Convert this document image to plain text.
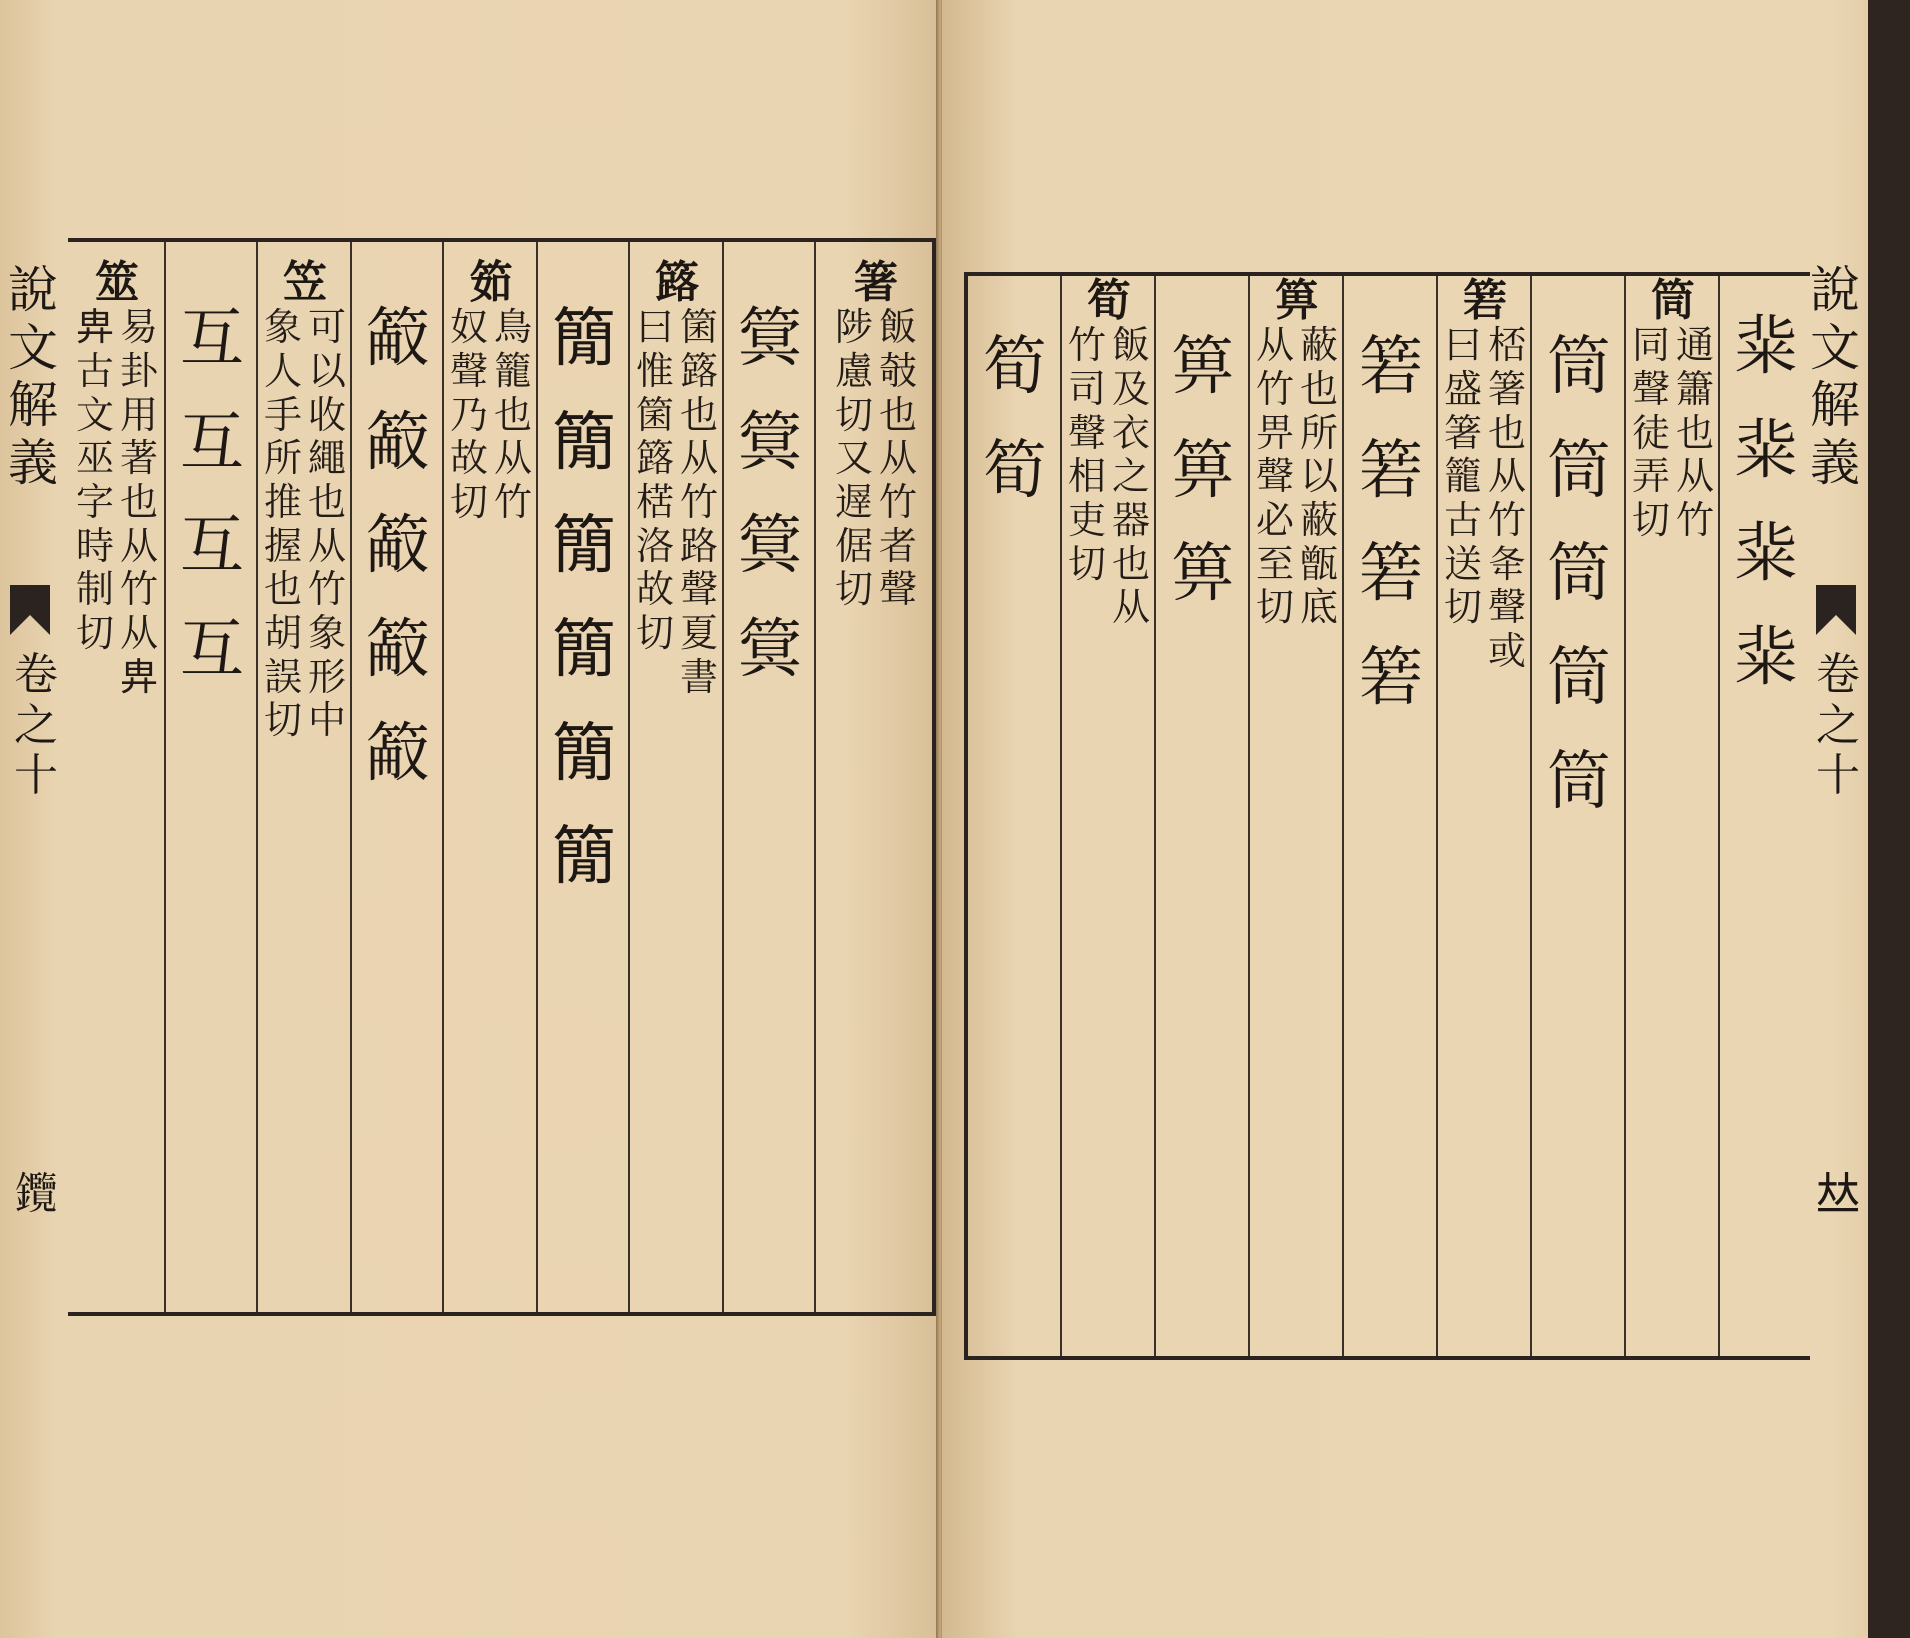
說
文
解
義
卷
之
十
𨰲
箸
飯
攲
也
从
竹
者
聲
陟
慮
切
又
遟
倨
切
䈿
䈿
䈿
䈿
簬
箘
簬
也
从
竹
路
聲
夏
書
曰
惟
箘
簬
楛
洛
故
切
𥳑
𥳑
𥳑
𥳑
𥳑
𥳑
筎
鳥
籠
也
从
竹
奴
聲
乃
故
切
䈛
䈛
䈛
䈛
䈛
笠
可
以
收
繩
也
从
竹
象
形
中
象
人
手
所
推
握
也
胡
誤
切
互
互
互
互
筮
易
卦
用
著
也
从
竹
从
𢍁
𢍁
古
文
巫
字
時
制
切
䉾
䉾
䉾
䉾
筒
通
簫
也
从
竹
同
聲
徒
弄
切
筒
筒
筒
筒
筒
箬
桮
箸
也
从
竹
夅
聲
或
曰
盛
箸
籠
古
送
切
箬
箬
箬
箬
箅
蔽
也
所
以
蔽
甑
底
从
竹
畀
聲
必
至
切
箅
箅
箅
筍
飯
及
衣
之
器
也
从
竹
司
聲
相
吏
切
筍
筍
說
文
解
義
卷
之
十
𠀤
